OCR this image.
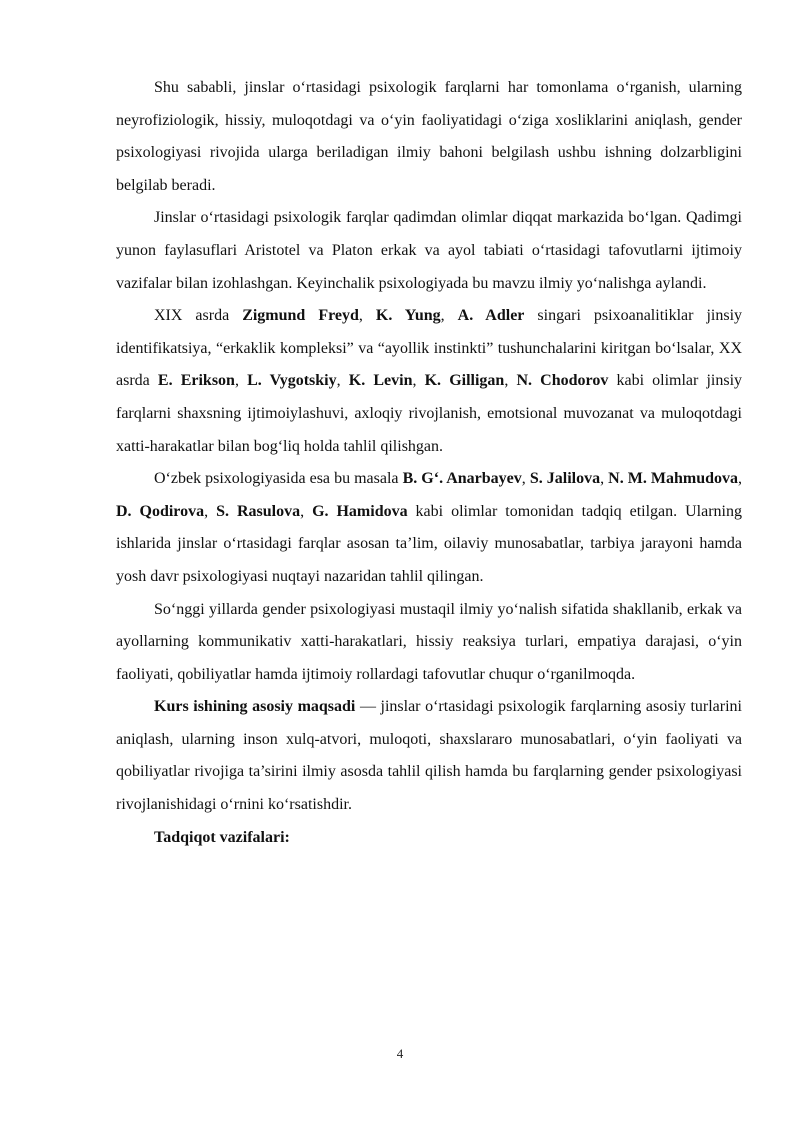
Shu sababli, jinslar o‘rtasidagi psixologik farqlarni har tomonlama o‘rganish, ularning neyrofiziologik, hissiy, muloqotdagi va o‘yin faoliyatidagi o‘ziga xosliklarini aniqlash, gender psixologiyasi rivojida ularga beriladigan ilmiy bahoni belgilash ushbu ishning dolzarbligini belgilab beradi.

Jinslar o‘rtasidagi psixologik farqlar qadimdan olimlar diqqat markazida bo‘lgan. Qadimgi yunon faylasuflari Aristotel va Platon erkak va ayol tabiati o‘rtasidagi tafovutlarni ijtimoiy vazifalar bilan izohlashgan. Keyinchalik psixologiyada bu mavzu ilmiy yo‘nalishga aylandi.

XIX asrda Zigmund Freyd, K. Yung, A. Adler singari psixoanalitiklar jinsiy identifikatsiya, “erkaklik kompleksi” va “ayollik instinkti” tushunchalarini kiritgan bo‘lsalar, XX asrda E. Erikson, L. Vygotskiy, K. Levin, K. Gilligan, N. Chodorov kabi olimlar jinsiy farqlarni shaxsning ijtimoiylashuvi, axloqiy rivojlanish, emotsional muvozanat va muloqotdagi xatti-harakatlar bilan bog‘liq holda tahlil qilishgan.

O‘zbek psixologiyasida esa bu masala B. G‘. Anarbayev, S. Jalilova, N. M. Mahmudova, D. Qodirova, S. Rasulova, G. Hamidova kabi olimlar tomonidan tadqiq etilgan. Ularning ishlarida jinslar o‘rtasidagi farqlar asosan ta’lim, oilaviy munosabatlar, tarbiya jarayoni hamda yosh davr psixologiyasi nuqtayi nazaridan tahlil qilingan.

So‘nggi yillarda gender psixologiyasi mustaqil ilmiy yo‘nalish sifatida shakllanib, erkak va ayollarning kommunikativ xatti-harakatlari, hissiy reaksiya turlari, empatiya darajasi, o‘yin faoliyati, qobiliyatlar hamda ijtimoiy rollardagi tafovutlar chuqur o‘rganilmoqda.

Kurs ishining asosiy maqsadi — jinslar o‘rtasidagi psixologik farqlarning asosiy turlarini aniqlash, ularning inson xulq-atvori, muloqoti, shaxslararo munosabatlari, o‘yin faoliyati va qobiliyatlar rivojiga ta’sirini ilmiy asosda tahlil qilish hamda bu farqlarning gender psixologiyasi rivojlanishidagi o‘rnini ko‘rsatishdir.

Tadqiqot vazifalari:

4
